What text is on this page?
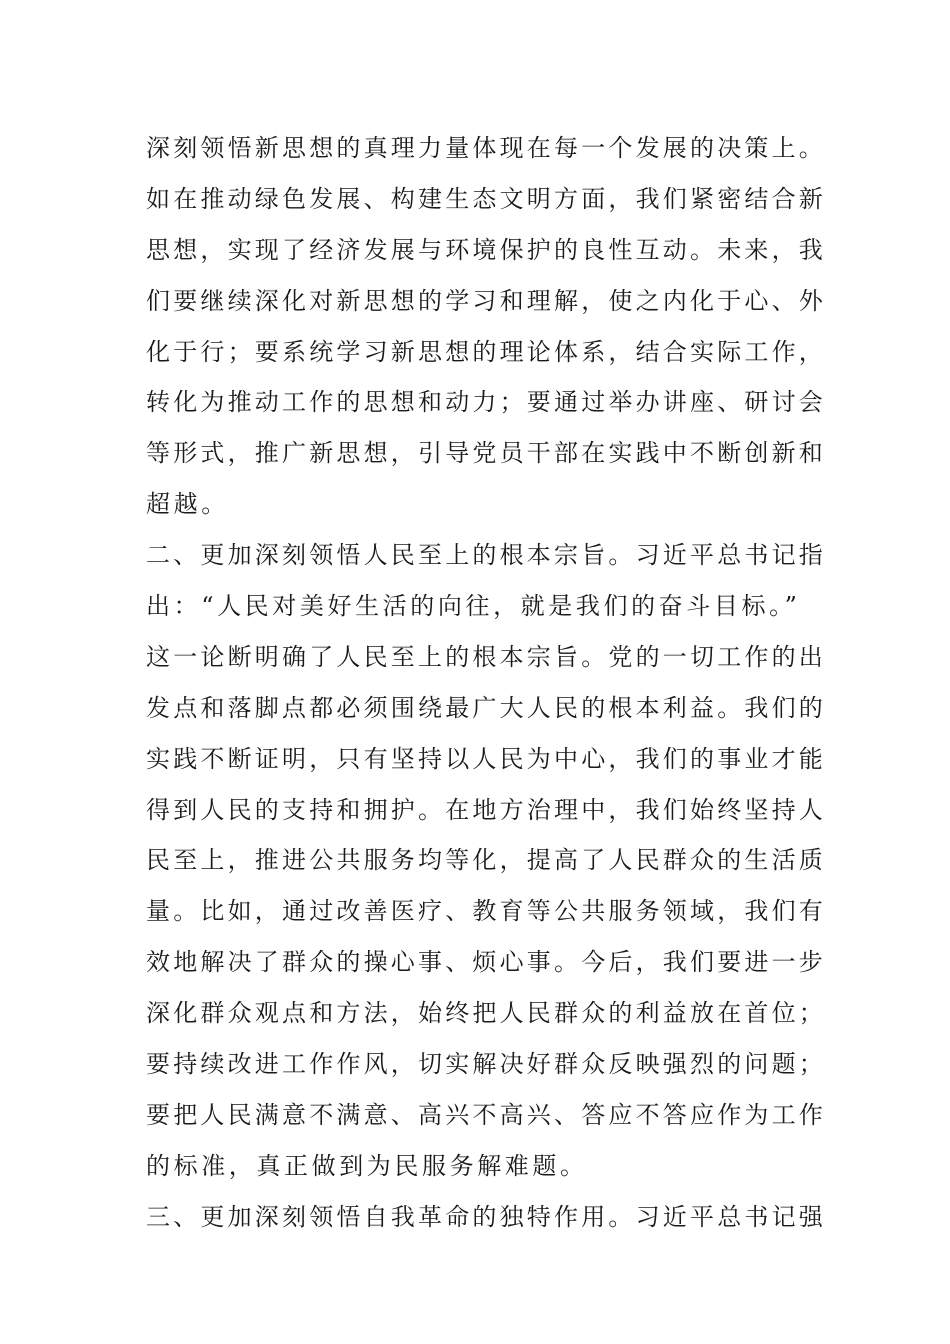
深刻领悟新思想的真理力量体现在每一个发展的决策上。
如在推动绿色发展、构建生态文明方面，我们紧密结合新
思想，实现了经济发展与环境保护的良性互动。未来，我
们要继续深化对新思想的学习和理解，使之内化于心、外
化于行；要系统学习新思想的理论体系，结合实际工作，
转化为推动工作的思想和动力；要通过举办讲座、研讨会
等形式，推广新思想，引导党员干部在实践中不断创新和
超越。
二、更加深刻领悟人民至上的根本宗旨。习近平总书记指
出：“人民对美好生活的向往，就是我们的奋斗目标。”
这一论断明确了人民至上的根本宗旨。党的一切工作的出
发点和落脚点都必须围绕最广大人民的根本利益。我们的
实践不断证明，只有坚持以人民为中心，我们的事业才能
得到人民的支持和拥护。在地方治理中，我们始终坚持人
民至上，推进公共服务均等化，提高了人民群众的生活质
量。比如，通过改善医疗、教育等公共服务领域，我们有
效地解决了群众的操心事、烦心事。今后，我们要进一步
深化群众观点和方法，始终把人民群众的利益放在首位；
要持续改进工作作风，切实解决好群众反映强烈的问题；
要把人民满意不满意、高兴不高兴、答应不答应作为工作
的标准，真正做到为民服务解难题。
三、更加深刻领悟自我革命的独特作用。习近平总书记强
